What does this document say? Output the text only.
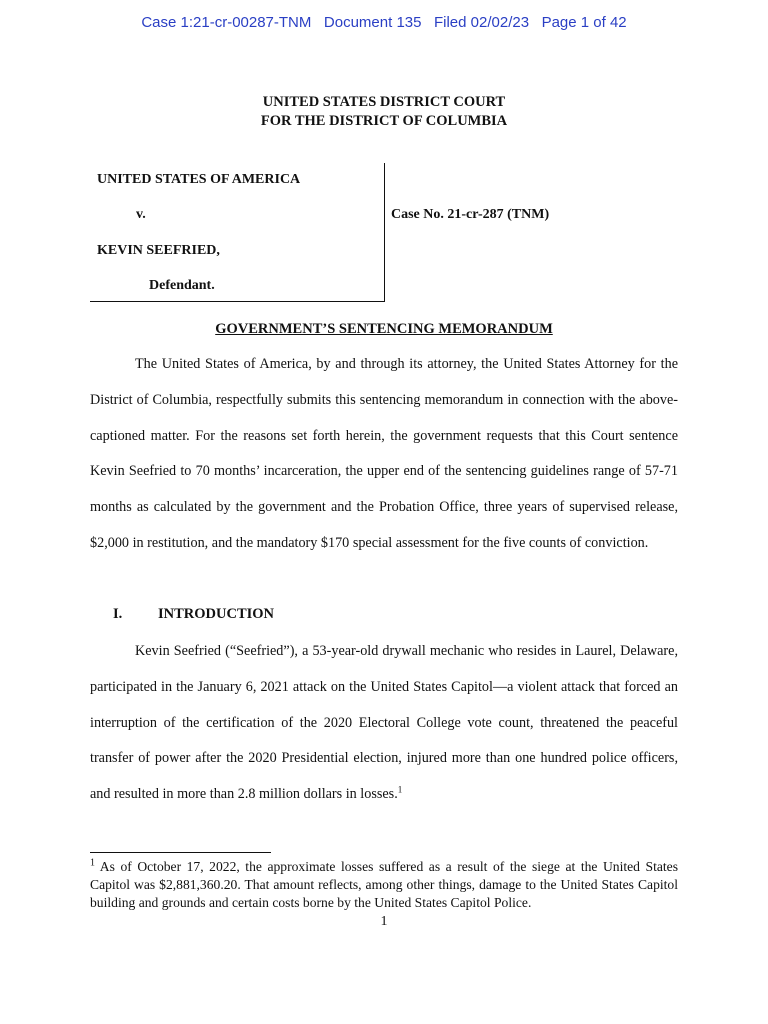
Case 1:21-cr-00287-TNM Document 135 Filed 02/02/23 Page 1 of 42
UNITED STATES DISTRICT COURT
FOR THE DISTRICT OF COLUMBIA
UNITED STATES OF AMERICA
v.
KEVIN SEEFRIED,
Defendant.
Case No. 21-cr-287 (TNM)
GOVERNMENT’S SENTENCING MEMORANDUM

The United States of America, by and through its attorney, the United States Attorney for the District of Columbia, respectfully submits this sentencing memorandum in connection with the above-captioned matter. For the reasons set forth herein, the government requests that this Court sentence Kevin Seefried to 70 months’ incarceration, the upper end of the sentencing guidelines range of 57-71 months as calculated by the government and the Probation Office, three years of supervised release, $2,000 in restitution, and the mandatory $170 special assessment for the five counts of conviction.

I. INTRODUCTION

Kevin Seefried (“Seefried”), a 53-year-old drywall mechanic who resides in Laurel, Delaware, participated in the January 6, 2021 attack on the United States Capitol—a violent attack that forced an interruption of the certification of the 2020 Electoral College vote count, threatened the peaceful transfer of power after the 2020 Presidential election, injured more than one hundred police officers, and resulted in more than 2.8 million dollars in losses.$^1$

$^1$ As of October 17, 2022, the approximate losses suffered as a result of the siege at the United States Capitol was $2,881,360.20. That amount reflects, among other things, damage to the United States Capitol building and grounds and certain costs borne by the United States Capitol Police.

1
